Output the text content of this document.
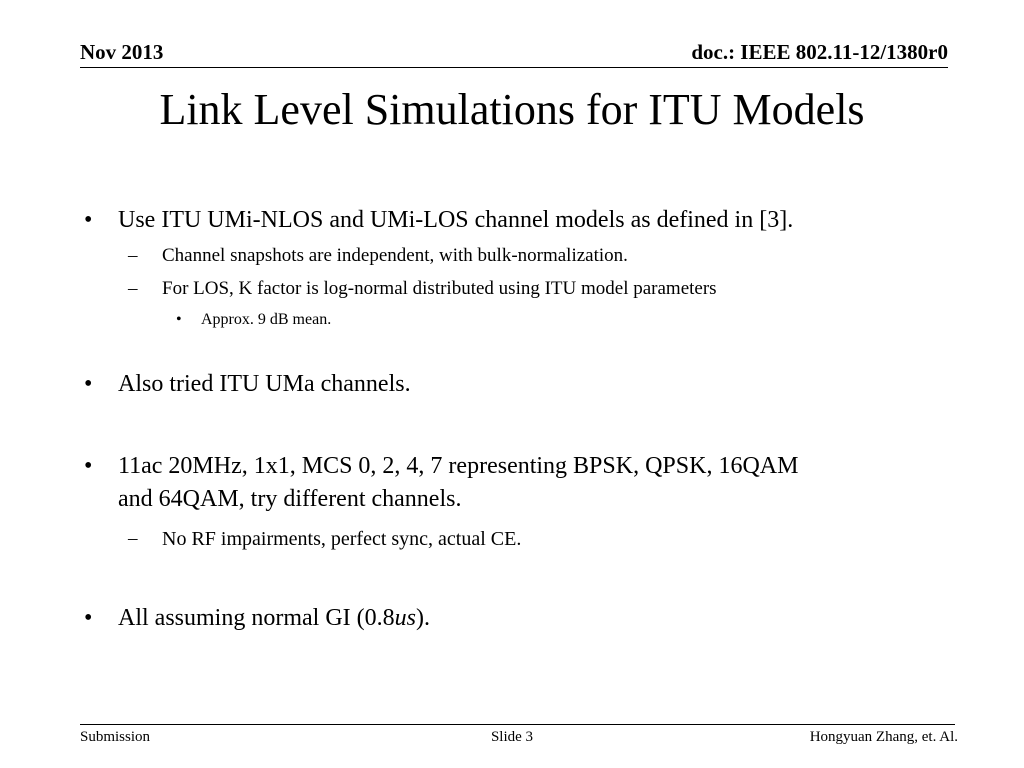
Nov 2013	doc.: IEEE 802.11-12/1380r0
Link Level Simulations for ITU Models
• Use ITU UMi-NLOS and UMi-LOS channel models as defined in [3].
– Channel snapshots are independent, with bulk-normalization.
– For LOS, K factor is log-normal distributed using ITU model parameters
• Approx. 9 dB mean.
• Also tried ITU UMa channels.
• 11ac 20MHz, 1x1, MCS 0, 2, 4, 7 representing BPSK, QPSK, 16QAM
and 64QAM, try different channels.
– No RF impairments, perfect sync, actual CE.
• All assuming normal GI (0.8us).
Submission	Slide 3	Hongyuan Zhang, et. Al.
